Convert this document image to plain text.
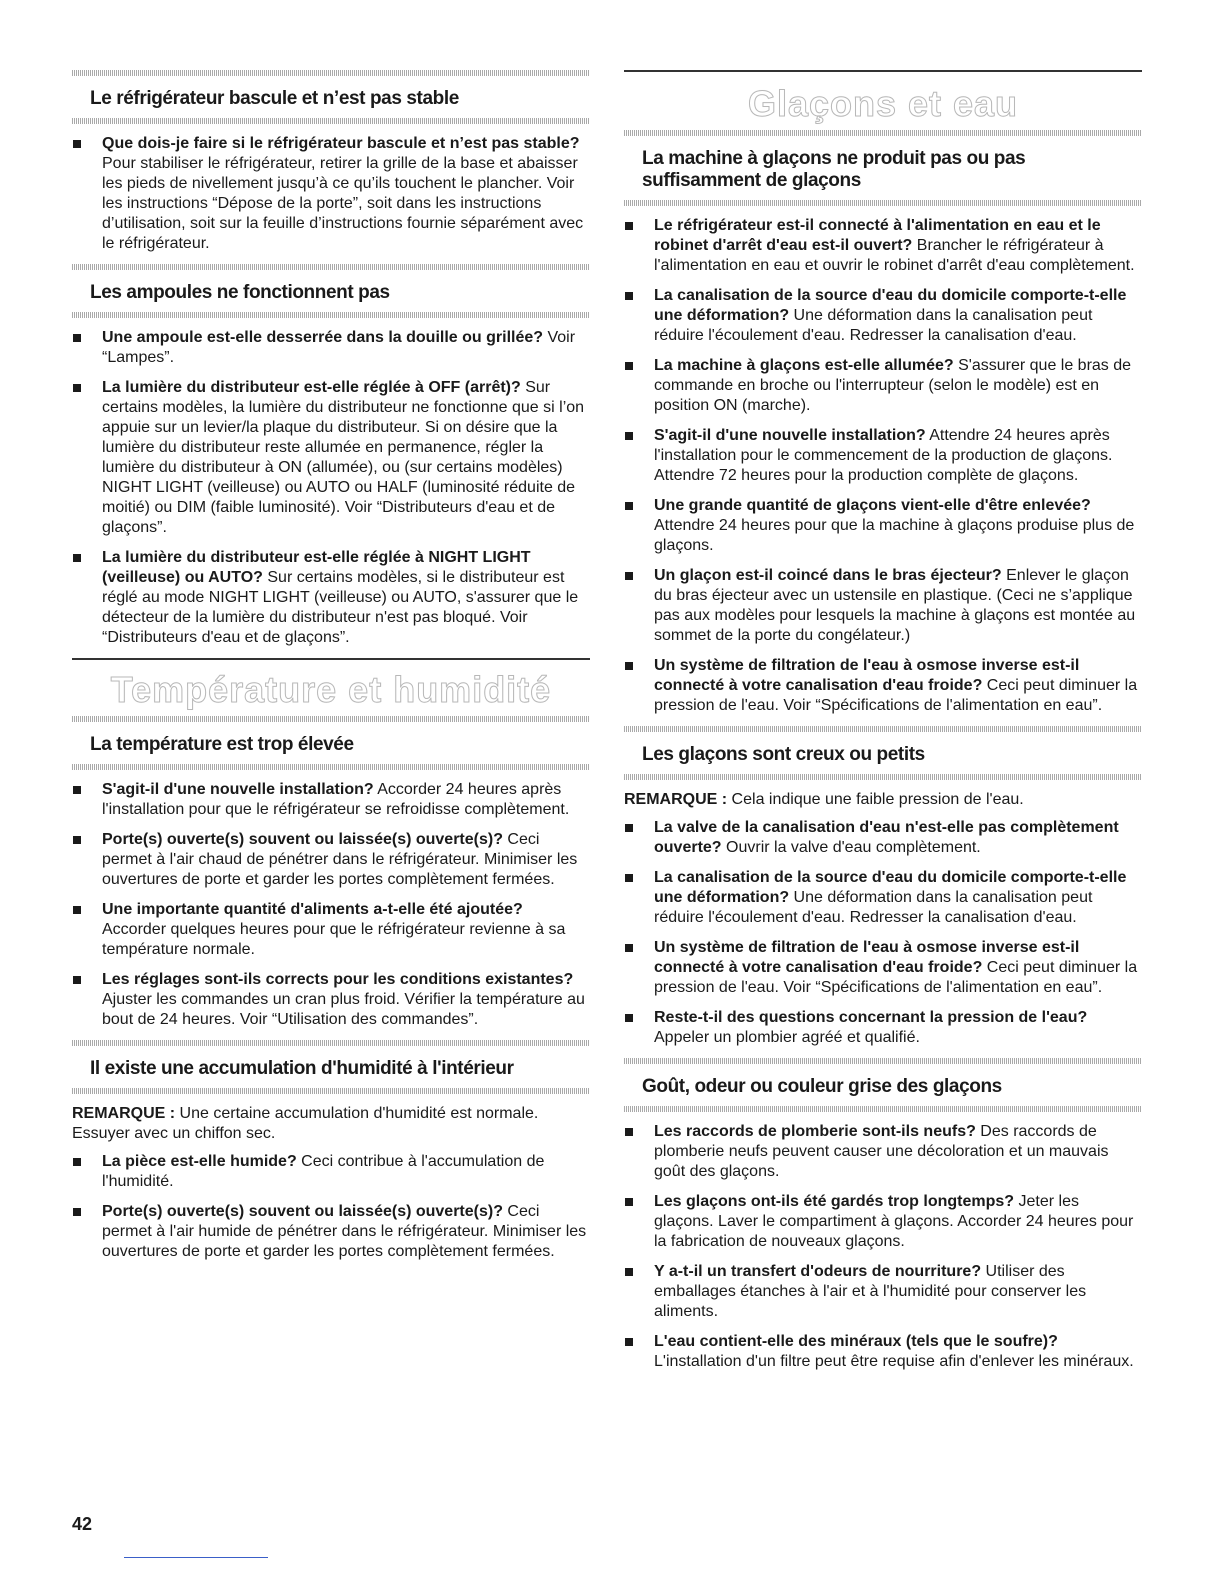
Le réfrigérateur bascule et n’est pas stable
Que dois-je faire si le réfrigérateur bascule et n’est pas stable? Pour stabiliser le réfrigérateur, retirer la grille de la base et abaisser les pieds de nivellement jusqu’à ce qu’ils touchent le plancher. Voir les instructions “Dépose de la porte”, soit dans les instructions d’utilisation, soit sur la feuille d’instructions fournie séparément avec le réfrigérateur.
Les ampoules ne fonctionnent pas
Une ampoule est-elle desserrée dans la douille ou grillée? Voir “Lampes”.
La lumière du distributeur est-elle réglée à OFF (arrêt)? Sur certains modèles, la lumière du distributeur ne fonctionne que si l’on appuie sur un levier/la plaque du distributeur. Si on désire que la lumière du distributeur reste allumée en permanence, régler la lumière du distributeur à ON (allumée), ou (sur certains modèles) NIGHT LIGHT (veilleuse) ou AUTO ou HALF (luminosité réduite de moitié) ou DIM (faible luminosité). Voir “Distributeurs d'eau et de glaçons”.
La lumière du distributeur est-elle réglée à NIGHT LIGHT (veilleuse) ou AUTO? Sur certains modèles, si le distributeur est réglé au mode NIGHT LIGHT (veilleuse) ou AUTO, s'assurer que le détecteur de la lumière du distributeur n'est pas bloqué. Voir “Distributeurs d'eau et de glaçons”.
Température et humidité
La température est trop élevée
S'agit-il d'une nouvelle installation? Accorder 24 heures après l'installation pour que le réfrigérateur se refroidisse complètement.
Porte(s) ouverte(s) souvent ou laissée(s) ouverte(s)? Ceci permet à l'air chaud de pénétrer dans le réfrigérateur. Minimiser les ouvertures de porte et garder les portes complètement fermées.
Une importante quantité d'aliments a-t-elle été ajoutée? Accorder quelques heures pour que le réfrigérateur revienne à sa température normale.
Les réglages sont-ils corrects pour les conditions existantes? Ajuster les commandes un cran plus froid. Vérifier la température au bout de 24 heures. Voir “Utilisation des commandes”.
Il existe une accumulation d'humidité à l'intérieur
REMARQUE : Une certaine accumulation d'humidité est normale. Essuyer avec un chiffon sec.
La pièce est-elle humide? Ceci contribue à l'accumulation de l'humidité.
Porte(s) ouverte(s) souvent ou laissée(s) ouverte(s)? Ceci permet à l'air humide de pénétrer dans le réfrigérateur. Minimiser les ouvertures de porte et garder les portes complètement fermées.
Glaçons et eau
La machine à glaçons ne produit pas ou pas suffisamment de glaçons
Le réfrigérateur est-il connecté à l'alimentation en eau et le robinet d'arrêt d'eau est-il ouvert? Brancher le réfrigérateur à l'alimentation en eau et ouvrir le robinet d'arrêt d'eau complètement.
La canalisation de la source d'eau du domicile comporte-t-elle une déformation? Une déformation dans la canalisation peut réduire l'écoulement d'eau. Redresser la canalisation d'eau.
La machine à glaçons est-elle allumée? S'assurer que le bras de commande en broche ou l'interrupteur (selon le modèle) est en position ON (marche).
S'agit-il d'une nouvelle installation? Attendre 24 heures après l'installation pour le commencement de la production de glaçons. Attendre 72 heures pour la production complète de glaçons.
Une grande quantité de glaçons vient-elle d'être enlevée? Attendre 24 heures pour que la machine à glaçons produise plus de glaçons.
Un glaçon est-il coincé dans le bras éjecteur? Enlever le glaçon du bras éjecteur avec un ustensile en plastique. (Ceci ne s’applique pas aux modèles pour lesquels la machine à glaçons est montée au sommet de la porte du congélateur.)
Un système de filtration de l'eau à osmose inverse est-il connecté à votre canalisation d'eau froide? Ceci peut diminuer la pression de l'eau. Voir “Spécifications de l'alimentation en eau”.
Les glaçons sont creux ou petits
REMARQUE : Cela indique une faible pression de l'eau.
La valve de la canalisation d'eau n'est-elle pas complètement ouverte? Ouvrir la valve d'eau complètement.
La canalisation de la source d'eau du domicile comporte-t-elle une déformation? Une déformation dans la canalisation peut réduire l'écoulement d'eau. Redresser la canalisation d'eau.
Un système de filtration de l'eau à osmose inverse est-il connecté à votre canalisation d'eau froide? Ceci peut diminuer la pression de l'eau. Voir “Spécifications de l'alimentation en eau”.
Reste-t-il des questions concernant la pression de l'eau? Appeler un plombier agréé et qualifié.
Goût, odeur ou couleur grise des glaçons
Les raccords de plomberie sont-ils neufs? Des raccords de plomberie neufs peuvent causer une décoloration et un mauvais goût des glaçons.
Les glaçons ont-ils été gardés trop longtemps? Jeter les glaçons. Laver le compartiment à glaçons. Accorder 24 heures pour la fabrication de nouveaux glaçons.
Y a-t-il un transfert d'odeurs de nourriture? Utiliser des emballages étanches à l'air et à l'humidité pour conserver les aliments.
L'eau contient-elle des minéraux (tels que le soufre)? L'installation d'un filtre peut être requise afin d'enlever les minéraux.
42
